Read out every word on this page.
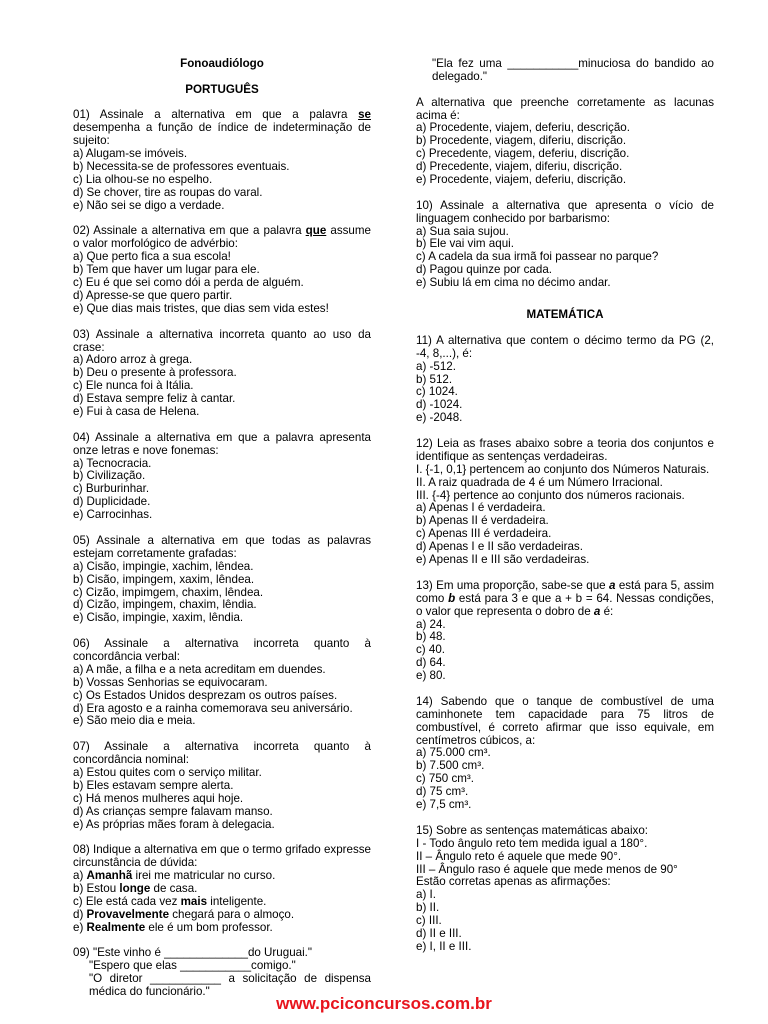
Fonoaudiólogo
PORTUGUÊS
01) Assinale a alternativa em que a palavra se desempenha a função de índice de indeterminação de sujeito:
a) Alugam-se imóveis.
b) Necessita-se de professores eventuais.
c) Lia olhou-se no espelho.
d) Se chover, tire as roupas do varal.
e) Não sei se digo a verdade.
02) Assinale a alternativa em que a palavra que assume o valor morfológico de advérbio:
a) Que perto fica a sua escola!
b) Tem que haver um lugar para ele.
c) Eu é que sei como dói a perda de alguém.
d) Apresse-se que quero partir.
e) Que dias mais tristes, que dias sem vida estes!
03) Assinale a alternativa incorreta quanto ao uso da crase:
a) Adoro arroz à grega.
b) Deu o presente à professora.
c) Ele nunca foi à Itália.
d) Estava sempre feliz à cantar.
e) Fui à casa de Helena.
04) Assinale a alternativa em que a palavra apresenta onze letras e nove fonemas:
a) Tecnocracia.
b) Civilização.
c) Burburinhar.
d) Duplicidade.
e) Carrocinhas.
05) Assinale a alternativa em que todas as palavras estejam corretamente grafadas:
a) Cisão, impingie, xachim, lêndea.
b) Cisão, impingem, xaxim, lêndea.
c) Cizão, impimgem, chaxim, lêndea.
d) Cizão, impingem, chaxim, lêndia.
e) Cisão, impingie, xaxim, lêndia.
06) Assinale a alternativa incorreta quanto à concordância verbal:
a) A mãe, a filha e a neta acreditam em duendes.
b) Vossas Senhorias se equivocaram.
c) Os Estados Unidos desprezam os outros países.
d) Era agosto e a rainha comemorava seu aniversário.
e) São meio dia e meia.
07) Assinale a alternativa incorreta quanto à concordância nominal:
a) Estou quites com o serviço militar.
b) Eles estavam sempre alerta.
c) Há menos mulheres aqui hoje.
d) As crianças sempre falavam manso.
e) As próprias mães foram à delegacia.
08) Indique a alternativa em que o termo grifado expresse circunstância de dúvida:
a) Amanhã irei me matricular no curso.
b) Estou longe de casa.
c) Ele está cada vez mais inteligente.
d) Provavelmente chegará para o almoço.
e) Realmente ele é um bom professor.
09) "Este vinho é _____________do Uruguai."
"Espero que elas ___________comigo."
"O diretor ___________ a solicitação de dispensa médica do funcionário."
"Ela fez uma ___________minuciosa do bandido ao delegado."
A alternativa que preenche corretamente as lacunas acima é:
a) Procedente, viajem, deferiu, descrição.
b) Procedente, viagem, diferiu, discrição.
c) Precedente, viagem, deferiu, discrição.
d) Precedente, viajem, diferiu, discrição.
e) Procedente, viajem, deferiu, discrição.
10) Assinale a alternativa que apresenta o vício de linguagem conhecido por barbarismo:
a) Sua saia sujou.
b) Ele vai vim aqui.
c) A cadela da sua irmã foi passear no parque?
d) Pagou quinze por cada.
e) Subiu lá em cima no décimo andar.
MATEMÁTICA
11) A alternativa que contem o décimo termo da PG (2, -4, 8,...), é:
a) -512.
b) 512.
c) 1024.
d) -1024.
e) -2048.
12) Leia as frases abaixo sobre a teoria dos conjuntos e identifique as sentenças verdadeiras.
I. {-1, 0,1} pertencem ao conjunto dos Números Naturais.
II. A raiz quadrada de 4 é um Número Irracional.
III. {-4} pertence ao conjunto dos números racionais.
a) Apenas I é verdadeira.
b) Apenas II é verdadeira.
c) Apenas III é verdadeira.
d) Apenas I e II são verdadeiras.
e) Apenas II e III são verdadeiras.
13) Em uma proporção, sabe-se que a está para 5, assim como b está para 3 e que a + b = 64. Nessas condições, o valor que representa o dobro de a é:
a) 24.
b) 48.
c) 40.
d) 64.
e) 80.
14) Sabendo que o tanque de combustível de uma caminhonete tem capacidade para 75 litros de combustível, é correto afirmar que isso equivale, em centímetros cúbicos, a:
a) 75.000 cm³.
b) 7.500 cm³.
c) 750 cm³.
d) 75 cm³.
e) 7,5 cm³.
15) Sobre as sentenças matemáticas abaixo:
I - Todo ângulo reto tem medida igual a 180°.
II – Ângulo reto é aquele que mede 90°.
III – Ângulo raso é aquele que mede menos de 90°
Estão corretas apenas as afirmações:
a) I.
b) II.
c) III.
d) II e III.
e) I, II e III.
www.pciconcursos.com.br
